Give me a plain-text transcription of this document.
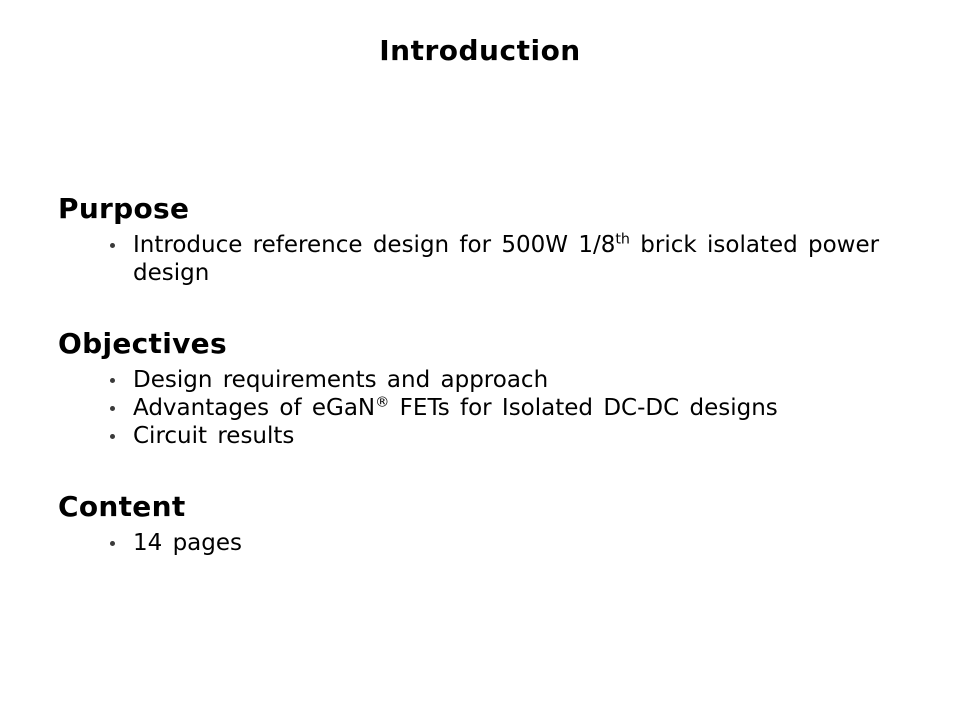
Introduction
Purpose
Introduce reference design for 500W 1/8th brick isolated power design
Objectives
Design requirements and approach
Advantages of eGaN® FETs for Isolated DC-DC designs
Circuit results
Content
14 pages
